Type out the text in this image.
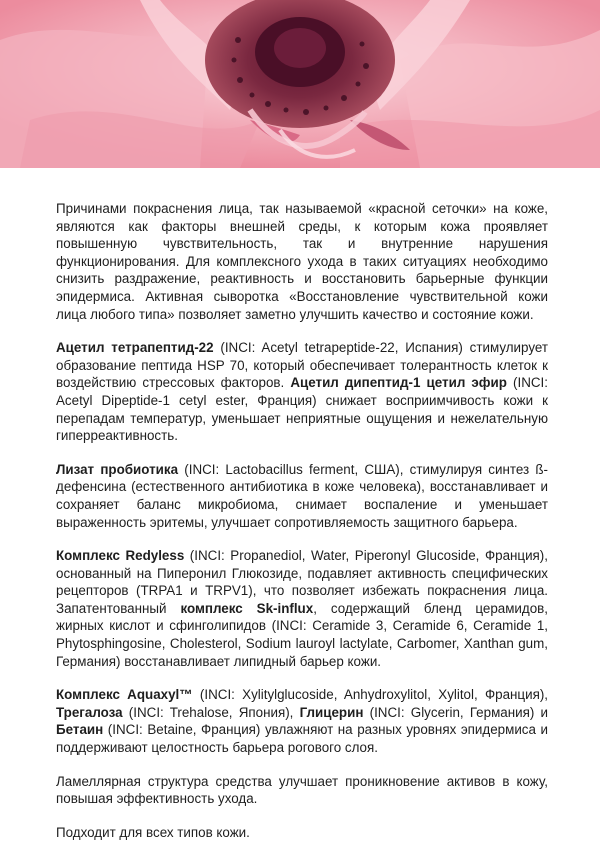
Причинами покраснения лица, так называемой «красной сеточки» на коже, являются как факторы внешней среды, к которым кожа проявляет повышенную чувствительность, так и внутренние нарушения функционирования. Для комплексного ухода в таких ситуациях необходимо снизить раздражение, реактивность и восстановить барьерные функции эпидермиса. Активная сыворотка «Восстановление чувствительной кожи лица любого типа» позволяет заметно улучшить качество и состояние кожи.

Ацетил тетрапептид-22 (INCI: Acetyl tetrapeptide-22, Испания) стимулирует образование пептида HSP 70, который обеспечивает толерантность клеток к воздействию стрессовых факторов. Ацетил дипептид-1 цетил эфир (INCI: Acetyl Dipeptide-1 cetyl ester, Франция) снижает восприимчивость кожи к перепадам температур, уменьшает неприятные ощущения и нежелательную гиперреактивность.

Лизат пробиотика (INCI: Lactobacillus ferment, США), стимулируя синтез ß-дефенсина (естественного антибиотика в коже человека), восстанавливает и сохраняет баланс микробиома, снимает воспаление и уменьшает выраженность эритемы, улучшает сопротивляемость защитного барьера.

Комплекс Redyless (INCI: Propanediol, Water, Piperonyl Glucoside, Франция), основанный на Пиперонил Глюкозиде, подавляет активность специфических рецепторов (TRPA1 и TRPV1), что позволяет избежать покраснения лица. Запатентованный комплекс Sk-influx, содержащий бленд церамидов, жирных кислот и сфинголипидов (INCI: Ceramide 3, Ceramide 6, Ceramide 1, Phytosphingosine, Cholesterol, Sodium lauroyl lactylate, Carbomer, Xanthan gum, Германия) восстанавливает липидный барьер кожи.

Комплекс Aquaxyl™ (INCI: Xylitylglucoside, Anhydroxylitol, Xylitol, Франция), Трегалоза (INCI: Trehalose, Япония), Глицерин (INCI: Glycerin, Германия) и Бетаин (INCI: Betaine, Франция) увлажняют на разных уровнях эпидермиса и поддерживают целостность барьера рогового слоя.

Ламеллярная структура средства улучшает проникновение активов в кожу, повышая эффективность ухода.

Подходит для всех типов кожи.
